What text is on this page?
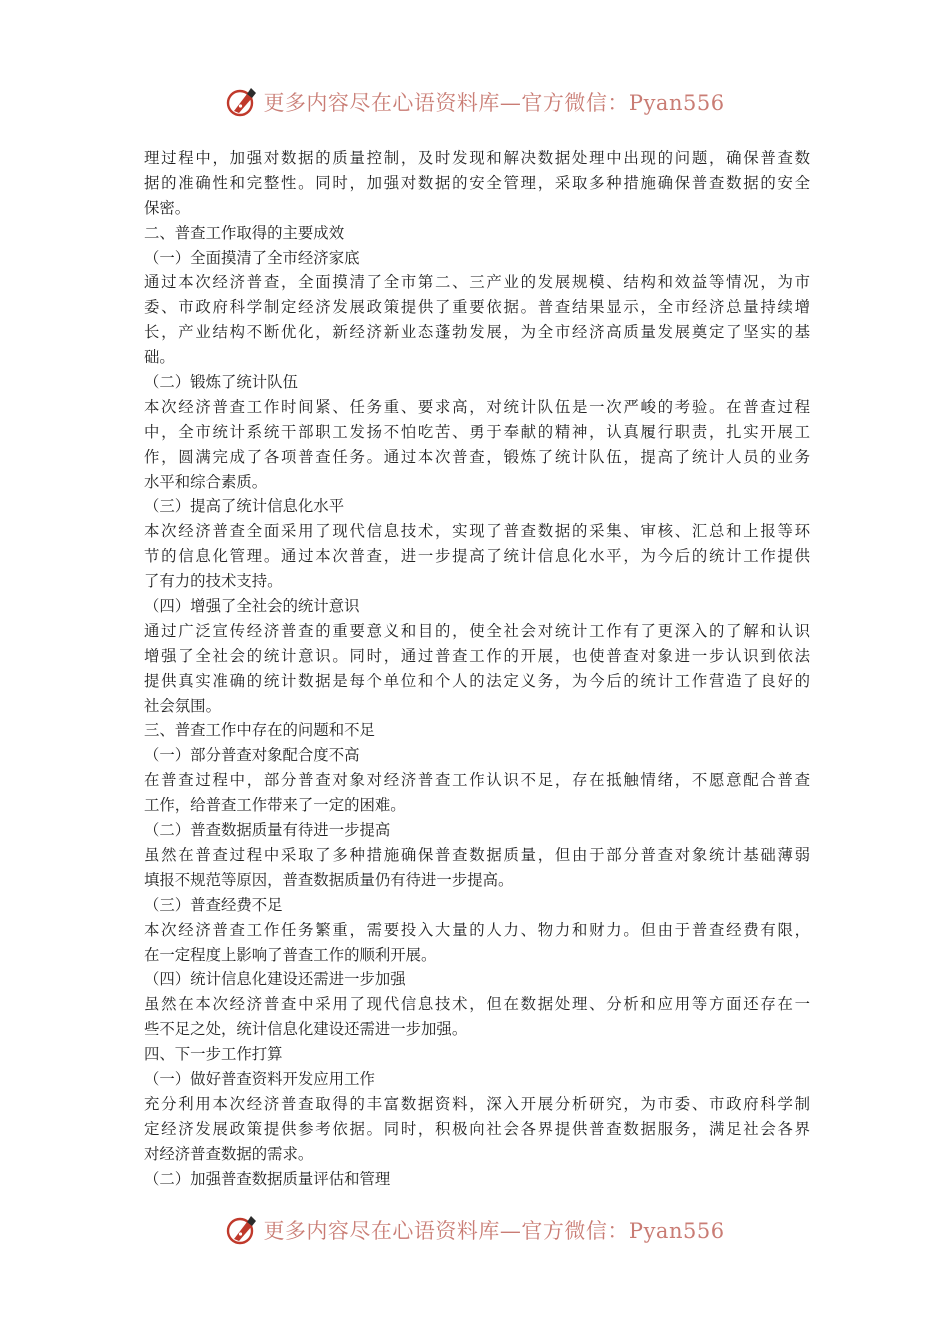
更多内容尽在心语资料库—官方微信：Pyan556
理过程中，加强对数据的质量控制，及时发现和解决数据处理中出现的问题，确保普查数
据的准确性和完整性。同时，加强对数据的安全管理，采取多种措施确保普查数据的安全
保密。
二、普查工作取得的主要成效
（一）全面摸清了全市经济家底
通过本次经济普查，全面摸清了全市第二、三产业的发展规模、结构和效益等情况，为市
委、市政府科学制定经济发展政策提供了重要依据。普查结果显示，全市经济总量持续增
长，产业结构不断优化，新经济新业态蓬勃发展，为全市经济高质量发展奠定了坚实的基
础。
（二）锻炼了统计队伍
本次经济普查工作时间紧、任务重、要求高，对统计队伍是一次严峻的考验。在普查过程
中，全市统计系统干部职工发扬不怕吃苦、勇于奉献的精神，认真履行职责，扎实开展工
作，圆满完成了各项普查任务。通过本次普查，锻炼了统计队伍，提高了统计人员的业务
水平和综合素质。
（三）提高了统计信息化水平
本次经济普查全面采用了现代信息技术，实现了普查数据的采集、审核、汇总和上报等环
节的信息化管理。通过本次普查，进一步提高了统计信息化水平，为今后的统计工作提供
了有力的技术支持。
（四）增强了全社会的统计意识
通过广泛宣传经济普查的重要意义和目的，使全社会对统计工作有了更深入的了解和认识
增强了全社会的统计意识。同时，通过普查工作的开展，也使普查对象进一步认识到依法
提供真实准确的统计数据是每个单位和个人的法定义务，为今后的统计工作营造了良好的
社会氛围。
三、普查工作中存在的问题和不足
（一）部分普查对象配合度不高
在普查过程中，部分普查对象对经济普查工作认识不足，存在抵触情绪，不愿意配合普查
工作，给普查工作带来了一定的困难。
（二）普查数据质量有待进一步提高
虽然在普查过程中采取了多种措施确保普查数据质量，但由于部分普查对象统计基础薄弱
填报不规范等原因，普查数据质量仍有待进一步提高。
（三）普查经费不足
本次经济普查工作任务繁重，需要投入大量的人力、物力和财力。但由于普查经费有限，
在一定程度上影响了普查工作的顺利开展。
（四）统计信息化建设还需进一步加强
虽然在本次经济普查中采用了现代信息技术，但在数据处理、分析和应用等方面还存在一
些不足之处，统计信息化建设还需进一步加强。
四、下一步工作打算
（一）做好普查资料开发应用工作
充分利用本次经济普查取得的丰富数据资料，深入开展分析研究，为市委、市政府科学制
定经济发展政策提供参考依据。同时，积极向社会各界提供普查数据服务，满足社会各界
对经济普查数据的需求。
（二）加强普查数据质量评估和管理
更多内容尽在心语资料库—官方微信：Pyan556
